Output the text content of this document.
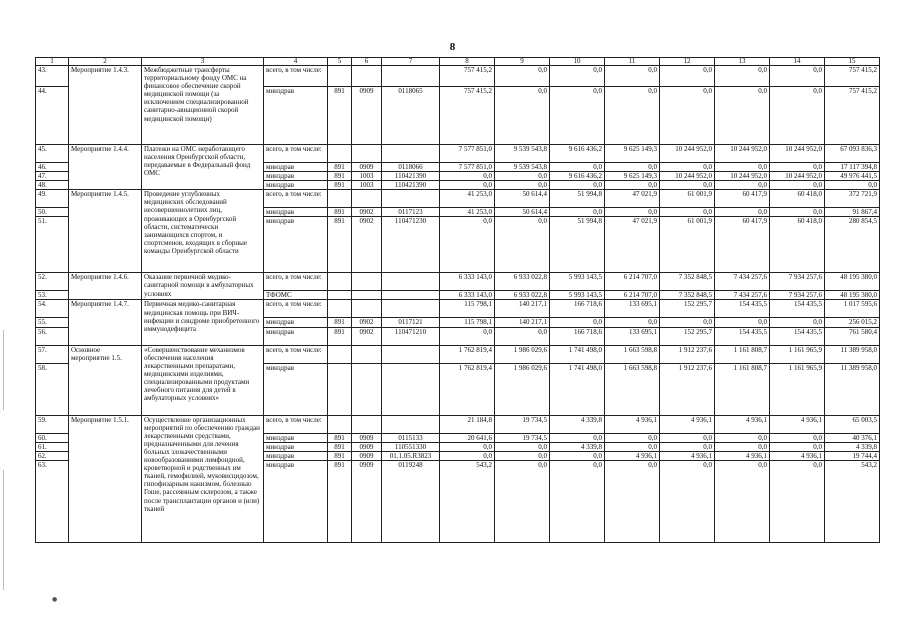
8
1	2	3	4	5	6	7	8	9	10	11	12	13	14	15
43.	Мероприятие 1.4.3.	Межбюджетные трансферты территориальному фонду ОМС на финансовое обеспечение скорой медицинской помощи (за исключением специализированной санитарно-авиационной скорой медицинской помощи)	всего, в том числе:				757 415,2	0,0	0,0	0,0	0,0	0,0	0,0	757 415,2
44.			минздрав	891	0909	0118065	757 415,2	0,0	0,0	0,0	0,0	0,0	0,0	757 415,2
45.	Мероприятие 1.4.4.	Платежи на ОМС неработающего населения Оренбургской области, передаваемые в Федеральный фонд ОМС	всего, в том числе:				7 577 851,0	9 539 543,8	9 616 436,2	9 625 149,3	10 244 952,0	10 244 952,0	10 244 952,0	67 093 836,3
46.			минздрав	891	0909	0118066	7 577 851,0	9 539 543,8	0,0	0,0	0,0	0,0	0,0	17 117 394,8
47.			минздрав	891	1003	110421390	0,0	0,0	9 616 436,2	9 625 149,3	10 244 952,0	10 244 952,0	10 244 952,0	49 976 441,5
48.			минздрав	891	1003	110421390	0,0	0,0	0,0	0,0	0,0	0,0	0,0	0,0
49.	Мероприятие 1.4.5.	Проведение углубленных медицинских обследований несовершеннолетних лиц, проживающих в Оренбургской области, систематически занимающихся спортом, и спортсменов, входящих в сборные команды Оренбургской области	всего, в том числе:				41 253,0	50 614,4	51 994,8	47 021,9	61 001,9	60 417,9	60 418,0	372 721,9
50.			минздрав	891	0902	0117123	41 253,0	50 614,4	0,0	0,0	0,0	0,0	0,0	91 867,4
51.			минздрав	891	0902	110471230	0,0	0,0	51 994,8	47 021,9	61 001,9	60 417,9	60 418,0	280 854,5
52.	Мероприятие 1.4.6.	Оказание первичной медико-санитарной помощи в амбулаторных условиях	всего, в том числе:				6 333 143,0	6 933 022,8	5 993 143,5	6 214 707,0	7 352 848,5	7 434 257,6	7 934 257,6	48 195 380,0
53.			ТФОМС				6 333 143,0	6 933 022,8	5 993 143,5	6 214 707,0	7 352 848,5	7 434 257,6	7 934 257,6	48 195 380,0
54.	Мероприятие 1.4.7.	Первичная медико-санитарная медицинская помощь при ВИЧ-инфекции и синдроме приобретенного иммунодефицита	всего, в том числе:				115 798,1	140 217,1	166 718,6	133 695,1	152 295,7	154 435,5	154 435,5	1 017 595,6
55.			минздрав	891	0902	0117121	115 798,1	140 217,1	0,0	0,0	0,0	0,0	0,0	256 015,2
56.			минздрав	891	0902	110471210	0,0	0,0	166 718,6	133 695,1	152 295,7	154 435,5	154 435,5	761 580,4
57.	Основное мероприятие 1.5.	«Совершенствование механизмов обеспечения населения лекарственными препаратами, медицинскими изделиями, специализированными продуктами лечебного питания для детей в амбулаторных условиях»	всего, в том числе:				1 762 819,4	1 986 029,6	1 741 498,0	1 663 598,8	1 912 237,6	1 161 808,7	1 161 965,9	11 389 958,0
58.			минздрав				1 762 819,4	1 986 029,6	1 741 498,0	1 663 598,8	1 912 237,6	1 161 808,7	1 161 965,9	11 389 958,0
59.	Мероприятие 1.5.1.	Осуществление организационных мероприятий по обеспечению граждан лекарственными средствами, предназначенными для лечения больных злокачественными новообразованиями лимфоидной, кроветворной и родственных им тканей, гемофилией, муковисцидозом, гипофизарным нанизмом, болезнью Гоше, рассеянным склерозом, а также после трансплантации органов и (или) тканей	всего, в том числе:				21 184,8	19 734,5	4 339,8	4 936,1	4 936,1	4 936,1	4 936,1	65 003,5
60.			минздрав	891	0909	0115133	20 641,6	19 734,5	0,0	0,0	0,0	0,0	0,0	40 376,1
61.			минздрав	891	0909	110551330	0,0	0,0	4 339,8	0,0	0,0	0,0	0,0	4 339,8
62.			минздрав	891	0909	01.1.05.R3823	0,0	0,0	0,0	4 936,1	4 936,1	4 936,1	4 936,1	19 744,4
63.			минздрав	891	0909	0119248	543,2	0,0	0,0	0,0	0,0	0,0	0,0	543,2
●
